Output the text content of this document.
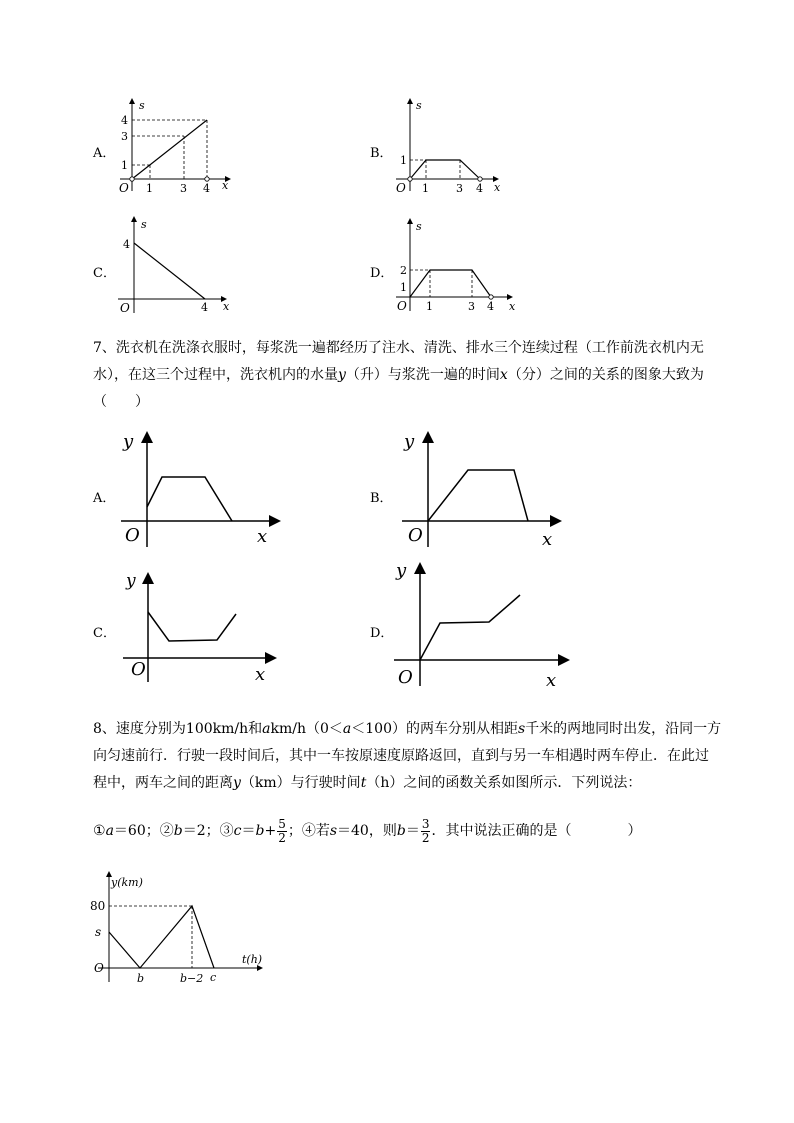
A．
s
x
O 1 3 4
1
3
4
B．
s
x
O 1 3 4
1
C．
s
x
O	4
4
D．
s
x
O 1	3 4
2
1
7、洗衣机在洗涤衣服时，每浆洗一遍都经历了注水、清洗、排水三个连续过程（工作前洗衣机内无
水），在这三个过程中，洗衣机内的水量y（升）与浆洗一遍的时间x（分）之间的关系的图象大致为
（　　）
A．
y
x
O
B．
y
x
O
C．
y
x
O
D．
y
x
O
8、速度分别为100km/h和akm/h（0＜a＜100）的两车分别从相距s千米的两地同时出发，沿同一方
向匀速前行．行驶一段时间后，其中一车按原速度原路返回，直到与另一车相遇时两车停止．在此过
程中，两车之间的距离y（km）与行驶时间t（h）之间的函数关系如图所示．下列说法：
①a＝60；②b＝2；③c＝b+ $\frac{5}{2}$ ；④若s＝40，则$b= \frac{3}{2}$ ．其中说法正确的是（　　　　）
y(km)
t(h)
O
80
s
b	b−2 c
